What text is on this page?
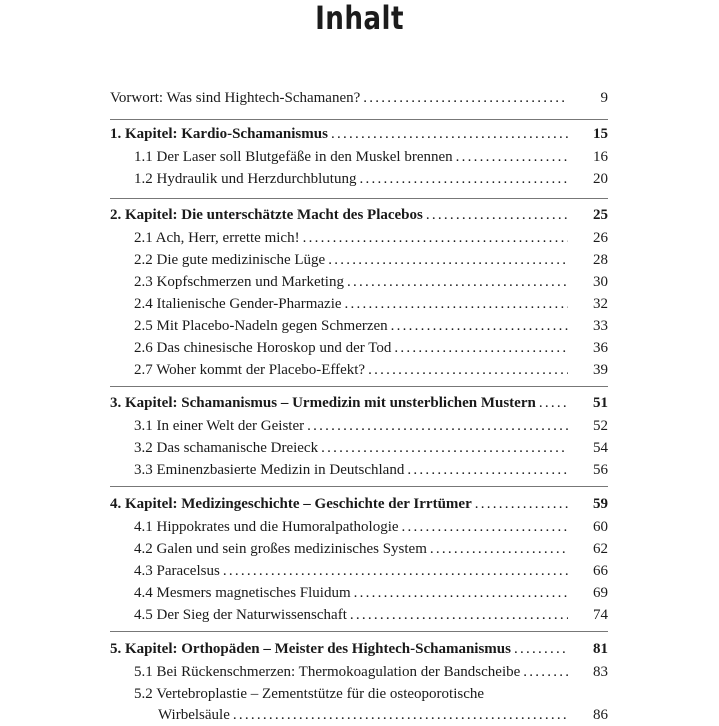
Inhalt
Vorwort: Was sind Hightech-Schamanen? . . .	9
1. Kapitel: Kardio-Schamanismus . . .	15
1.1 Der Laser soll Blutgefäße in den Muskel brennen . . .	16
1.2 Hydraulik und Herzdurchblutung . . .	20
2. Kapitel: Die unterschätzte Macht des Placebos . . .	25
2.1 Ach, Herr, errette mich! . . .	26
2.2 Die gute medizinische Lüge . . .	28
2.3 Kopfschmerzen und Marketing . . .	30
2.4 Italienische Gender-Pharmazie . . .	32
2.5 Mit Placebo-Nadeln gegen Schmerzen . . .	33
2.6 Das chinesische Horoskop und der Tod . . .	36
2.7 Woher kommt der Placebo-Effekt? . . .	39
3. Kapitel: Schamanismus – Urmedizin mit unsterblichen Mustern . . .	51
3.1 In einer Welt der Geister . . .	52
3.2 Das schamanische Dreieck . . .	54
3.3 Eminenzbasierte Medizin in Deutschland . . .	56
4. Kapitel: Medizingeschichte – Geschichte der Irrtümer . . .	59
4.1 Hippokrates und die Humoralpathologie . . .	60
4.2 Galen und sein großes medizinisches System . . .	62
4.3 Paracelsus . . .	66
4.4 Mesmers magnetisches Fluidum . . .	69
4.5 Der Sieg der Naturwissenschaft . . .	74
5. Kapitel: Orthopäden – Meister des Hightech-Schamanismus . . .	81
5.1 Bei Rückenschmerzen: Thermokoagulation der Bandscheibe . . .	83
5.2 Vertebroplastie – Zementstütze für die osteoporotische
Wirbelsäule . . .	86
